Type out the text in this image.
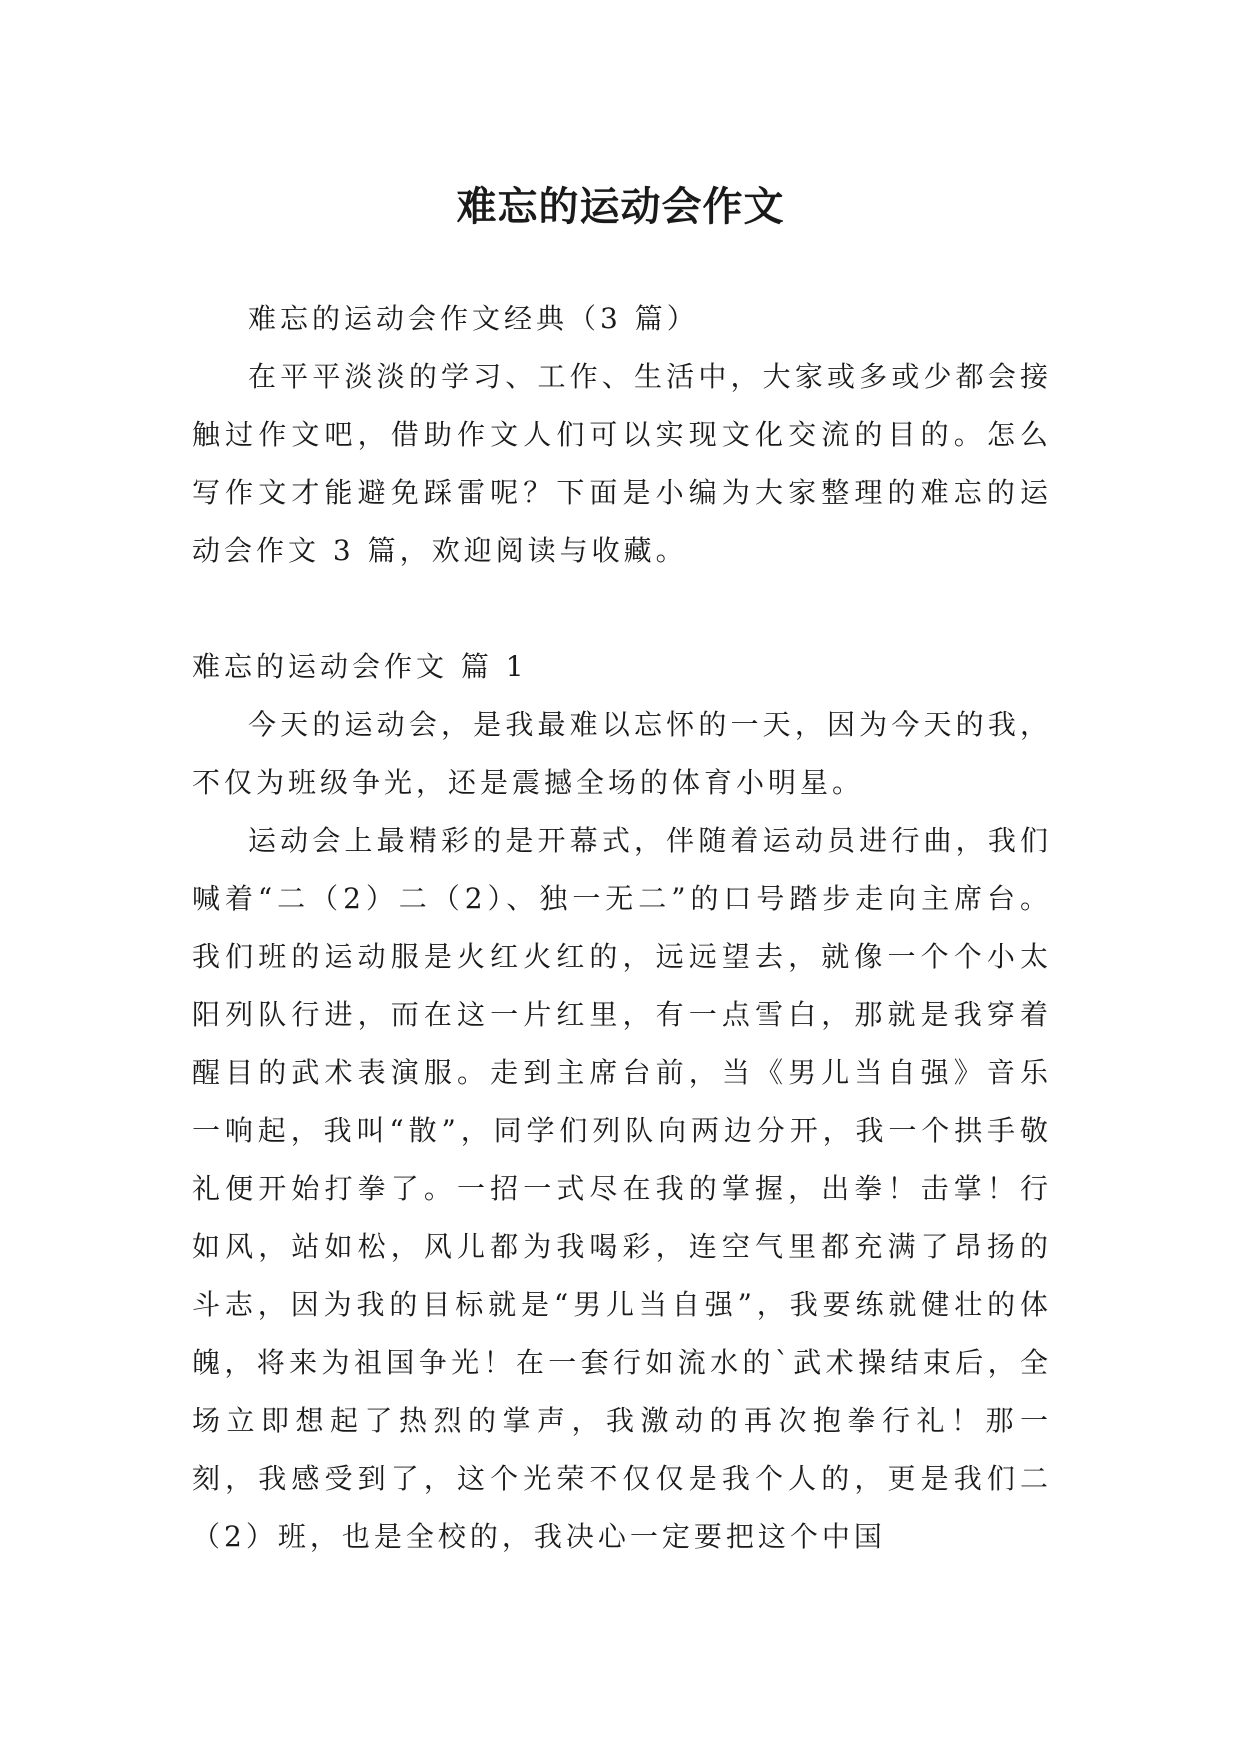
难忘的运动会作文

难忘的运动会作文经典（3 篇）

在平平淡淡的学习、工作、生活中，大家或多或少都会接触过作文吧，借助作文人们可以实现文化交流的目的。怎么写作文才能避免踩雷呢？下面是小编为大家整理的难忘的运动会作文 3 篇，欢迎阅读与收藏。

难忘的运动会作文 篇 1

今天的运动会，是我最难以忘怀的一天，因为今天的我，不仅为班级争光，还是震撼全场的体育小明星。

运动会上最精彩的是开幕式，伴随着运动员进行曲，我们喊着“二（2）二（2）、独一无二”的口号踏步走向主席台。我们班的运动服是火红火红的，远远望去，就像一个个小太阳列队行进，而在这一片红里，有一点雪白，那就是我穿着醒目的武术表演服。走到主席台前，当《男儿当自强》音乐一响起，我叫“散”，同学们列队向两边分开，我一个拱手敬礼便开始打拳了。一招一式尽在我的掌握，出拳！击掌！行如风，站如松，风儿都为我喝彩，连空气里都充满了昂扬的斗志，因为我的目标就是“男儿当自强”，我要练就健壮的体魄，将来为祖国争光！在一套行如流水的`武术操结束后，全场立即想起了热烈的掌声，我激动的再次抱拳行礼！那一刻，我感受到了，这个光荣不仅仅是我个人的，更是我们二（2）班，也是全校的，我决心一定要把这个中国
